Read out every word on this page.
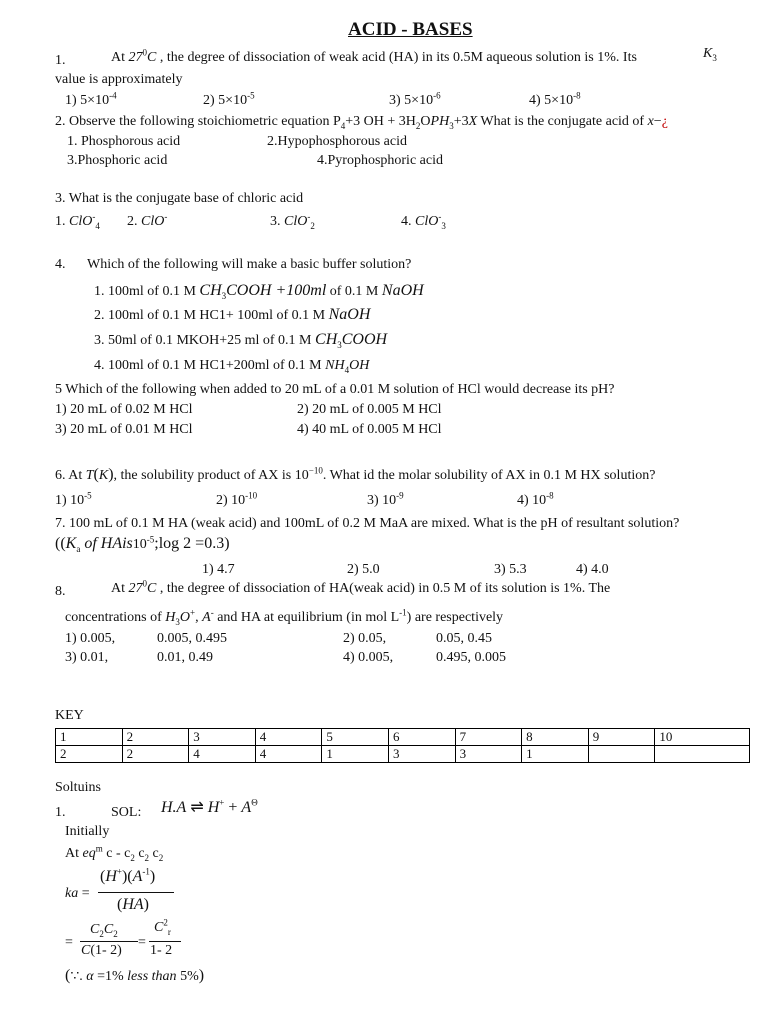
ACID - BASES
1.	At $27^0C$ , the degree of dissociation of weak acid (HA) in its 0.5M aqueous solution is 1%. Its	$K_3$
value is approximately
1) $5\times 10^{-4}$	2) $5\times 10^{-5}$	3) $5\times 10^{-6}$	4) $5\times 10^{-8}$
2. Observe the following stoichiometric equation $P_4+3$ OH + $3H_2OPH_3+3X$ What is the conjugate acid of x−¿
1. Phosphorous acid	2.Hypophosphorous acid
3.Phosphoric acid	4.Pyrophosphoric acid
3. What is the conjugate base of chloric acid
1. ClO-$_4$ 2. ClO-	3. ClO-$_2$	4. ClO-$_3$
4. Which of the following will make a basic buffer solution?
1. 100ml of 0.1 M $CH_3COOH +100ml$ of 0.1 M NaOH
2. 100ml of 0.1 M HC1+ 100ml of 0.1 M NaOH
3. 50ml of 0.1 MKOH+25 ml of 0.1 M $CH_3COOH$
4. 100ml of 0.1 M HC1+200ml of 0.1 M $NH_4OH$
5 Which of the following when added to 20 mL of a 0.01 M solution of HCl would decrease its pH?
1) 20 mL of 0.02 M HCl	2) 20 mL of 0.005 M HCl
3) 20 mL of 0.01 M HCl	4) 40 mL of 0.005 M HCl
6. At T(K), the solubility product of AX is $10^{-10}$. What id the molar solubility of AX in 0.1 M HX solution?
1) $10^{-5}$	2) $10^{-10}$	3) $10^{-9}$	4) $10^{-8}$
7. 100 mL of 0.1 M HA (weak acid) and 100mL of 0.2 M MaA are mixed. What is the pH of resultant solution?
(($K_a$ of $HAis10^{-5};\log$ 2 =0.3)
1) 4.7	2) 5.0	3) 5.3	4) 4.0
8.	At $27^0C$ , the degree of dissociation of HA(weak acid) in 0.5 M of its solution is 1%. The
concentrations of $H_3O^+$, A- and HA at equilibrium (in mol $L^{-1}$) are respectively
1) 0.005,	0.005, 0.495	2) 0.05,	0.05, 0.45
3) 0.01,	0.01, 0.49	4) 0.005,	0.495, 0.005
KEY
1	2	3	4	5	6	7	8	9	10
2	2	4	4	1	3	3	1		
Soltuins
1.	SOL: H.A ⇌ $H^+ + A^\Theta$
Initially
At $eq^m$ c - $c_2$ $c_2$ $c_2$
ka =
$(H^+)(A^{-1})$
(HA)
=
$C_2C_2$
C(1- 2)
=
$C^2_r$
1- 2
(∵. α =1% less than 5%)
